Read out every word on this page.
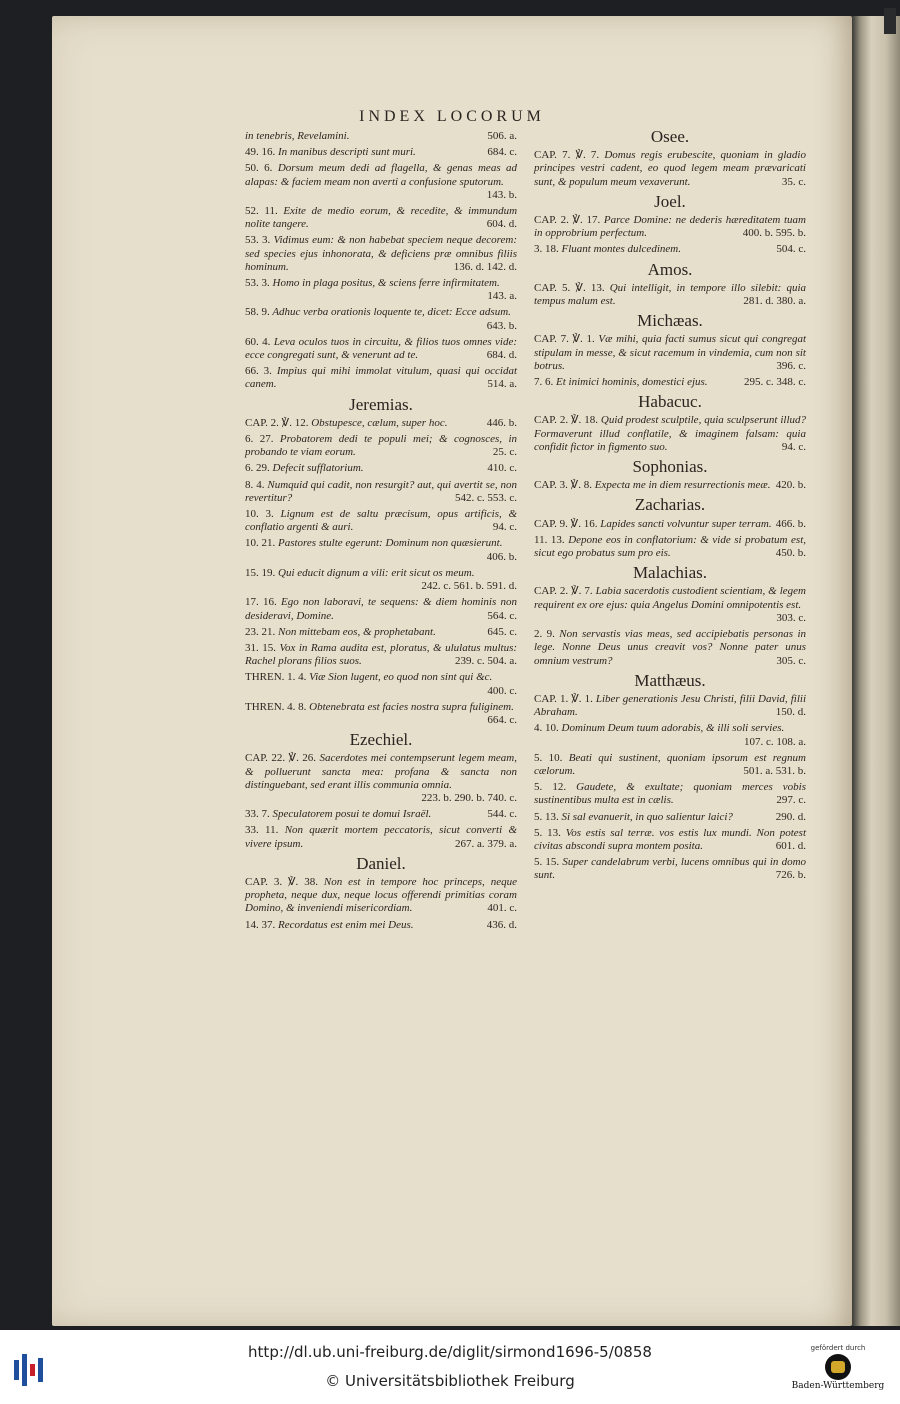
INDEX LOCORUM
in tenebris, Revelamini.	506. a.
49. 16. In manibus descripti sunt muri.	684. c.
50. 6. Dorsum meum dedi ad flagella, & genas meas ad alapas: & faciem meam non averti a confusione sputorum.
143. b.
52. 11. Exite de medio eorum, & recedite, & immundum nolite tangere.	604. d.
53. 3. Vidimus eum: & non habebat speciem neque decorem: sed species ejus inhonorata, & deficiens præ omnibus filiis hominum.	136. d. 142. d.
53. 3. Homo in plaga positus, & sciens ferre infirmitatem.
143. a.
58. 9. Adhuc verba orationis loquente te, dicet: Ecce adsum.
643. b.
60. 4. Leva oculos tuos in circuitu, & filios tuos omnes vide: ecce congregati sunt, & venerunt ad te.	684. d.
66. 3. Impius qui mihi immolat vitulum, quasi qui occidat canem.	514. a.
Jeremias.
CAP. 2. ℣. 12. Obstupesce, cælum, super hoc.	446. b.
6. 27. Probatorem dedi te populi mei; & cognosces, in probando te viam eorum.	25. c.
6. 29. Defecit sufflatorium.	410. c.
8. 4. Numquid qui cadit, non resurgit? aut, qui avertit se, non revertitur?	542. c. 553. c.
10. 3. Lignum est de saltu præcisum, opus artificis, & conflatio argenti & auri.	94. c.
10. 21. Pastores stulte egerunt: Dominum non quæsierunt.
406. b.
15. 19. Qui educit dignum a vili: erit sicut os meum.
242. c. 561. b. 591. d.
17. 16. Ego non laboravi, te sequens: & diem hominis non desideravi, Domine.	564. c.
23. 21. Non mittebam eos, & prophetabant.	645. c.
31. 15. Vox in Rama audita est, ploratus, & ululatus multus: Rachel plorans filios suos.	239. c. 504. a.
THREN. 1. 4. Viæ Sion lugent, eo quod non sint qui &c.
400. c.
THREN. 4. 8. Obtenebrata est facies nostra supra fuliginem.
664. c.
Ezechiel.
CAP. 22. ℣. 26. Sacerdotes mei contempserunt legem meam, & polluerunt sancta mea: profana & sancta non distinguebant, sed erant illis communia omnia.
223. b. 290. b. 740. c.
33. 7. Speculatorem posui te domui Israël.	544. c.
33. 11. Non quærit mortem peccatoris, sicut converti & vivere ipsum.	267. a. 379. a.
Daniel.
CAP. 3. ℣. 38. Non est in tempore hoc princeps, neque propheta, neque dux, neque locus offerendi primitias coram Domino, & inveniendi misericordiam.	401. c.
14. 37. Recordatus est enim mei Deus.	436. d.
Osee.
CAP. 7. ℣. 7. Domus regis erubescite, quoniam in gladio principes vestri cadent, eo quod legem meam prævaricati sunt, & populum meum vexaverunt.	35. c.
Joel.
CAP. 2. ℣. 17. Parce Domine: ne dederis hæreditatem tuam in opprobrium perfectum.	400. b. 595. b.
3. 18. Fluant montes dulcedinem.	504. c.
Amos.
CAP. 5. ℣. 13. Qui intelligit, in tempore illo silebit: quia tempus malum est.	281. d. 380. a.
Michæas.
CAP. 7. ℣. 1. Væ mihi, quia facti sumus sicut qui congregat stipulam in messe, & sicut racemum in vindemia, cum non sit botrus.	396. c.
7. 6. Et inimici hominis, domestici ejus.	295. c. 348. c.
Habacuc.
CAP. 2. ℣. 18. Quid prodest sculptile, quia sculpserunt illud? Formaverunt illud conflatile, & imaginem falsam: quia confidit fictor in figmento suo.	94. c.
Sophonias.
CAP. 3. ℣. 8. Expecta me in diem resurrectionis meæ. 420. b.
Zacharias.
CAP. 9. ℣. 16. Lapides sancti volvuntur super terram. 466. b.
11. 13. Depone eos in conflatorium: & vide si probatum est, sicut ego probatus sum pro eis.	450. b.
Malachias.
CAP. 2. ℣. 7. Labia sacerdotis custodient scientiam, & legem requirent ex ore ejus: quia Angelus Domini omnipotentis est.
303. c.
2. 9. Non servastis vias meas, sed accipiebatis personas in lege. Nonne Deus unus creavit vos? Nonne pater unus omnium vestrum?	305. c.
Matthæus.
CAP. 1. ℣. 1. Liber generationis Jesu Christi, filii David, filii Abraham.	150. d.
4. 10. Dominum Deum tuum adorabis, & illi soli servies.
107. c. 108. a.
5. 10. Beati qui sustinent, quoniam ipsorum est regnum cælorum.	501. a. 531. b.
5. 12. Gaudete, & exultate; quoniam merces vobis sustinentibus multa est in cælis.	297. c.
5. 13. Si sal evanuerit, in quo salientur laici?	290. d.
5. 13. Vos estis sal terræ. vos estis lux mundi. Non potest civitas abscondi supra montem posita.	601. d.
5. 15. Super candelabrum verbi, lucens omnibus qui in domo sunt.	726. b.
http://dl.ub.uni-freiburg.de/diglit/sirmond1696-5/0858
© Universitätsbibliothek Freiburg
gefördert durch
Baden-Württemberg
